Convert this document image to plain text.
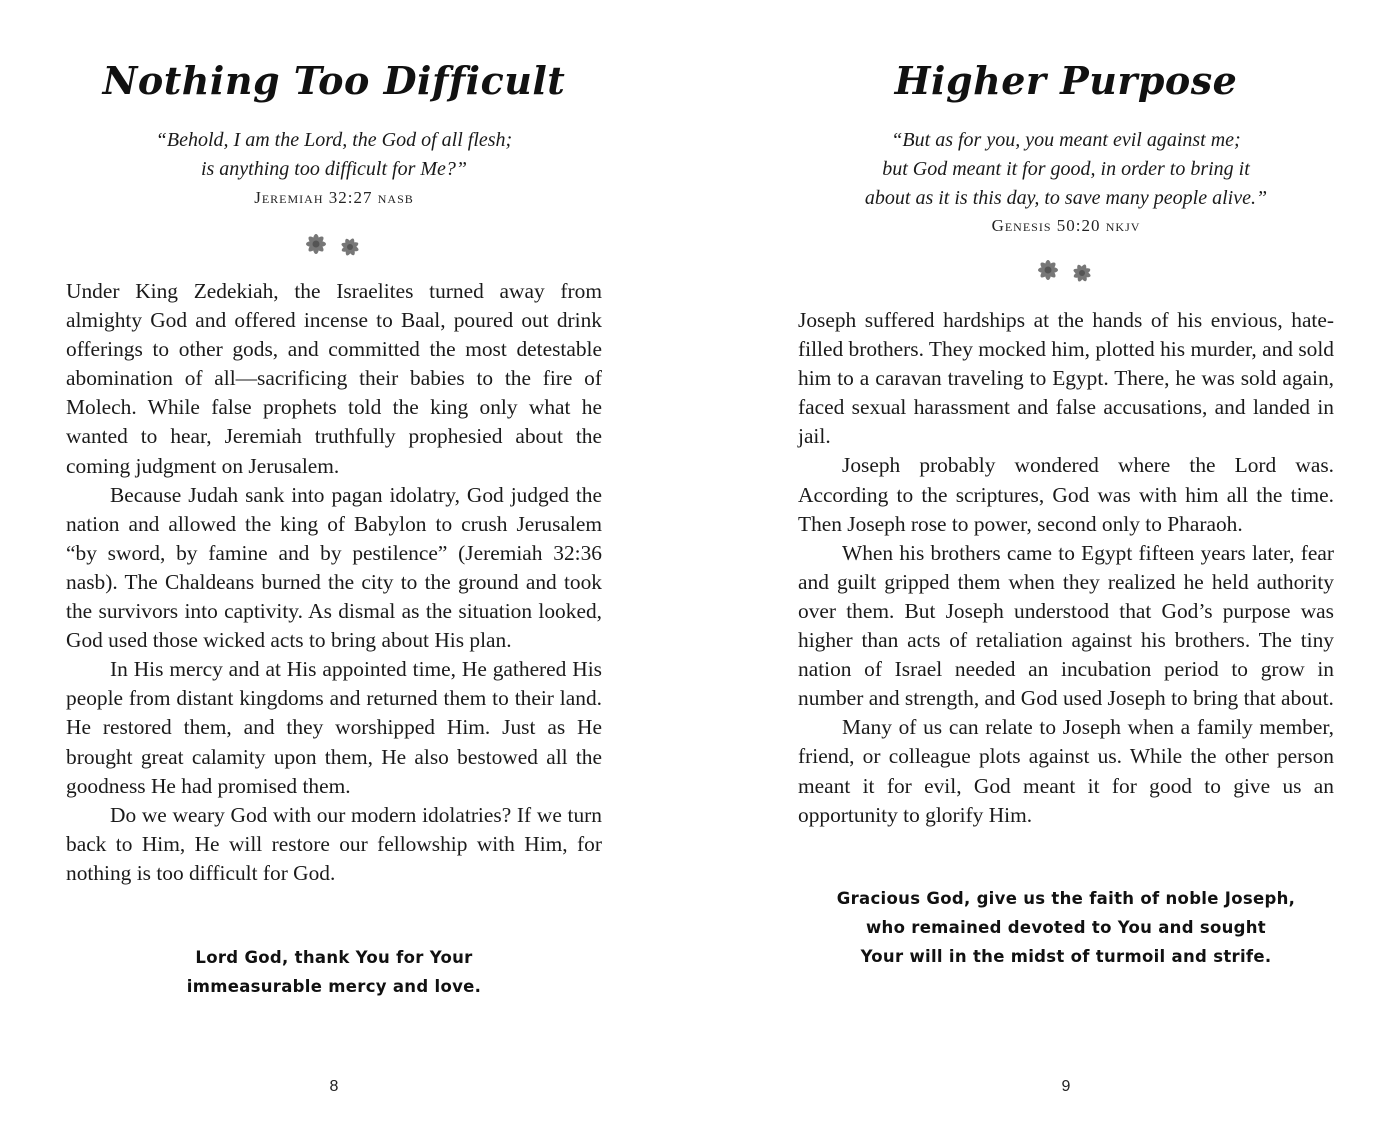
Nothing Too Difficult
“Behold, I am the Lord, the God of all flesh;
is anything too difficult for Me?”
Jeremiah 32:27 nasb

Under King Zedekiah, the Israelites turned away from almighty God and offered incense to Baal, poured out drink offerings to other gods, and committed the most detestable abomination of all—sacrificing their babies to the fire of Molech. While false prophets told the king only what he wanted to hear, Jeremiah truthfully prophesied about the coming judgment on Jerusalem.

Because Judah sank into pagan idolatry, God judged the nation and allowed the king of Babylon to crush Jerusalem “by sword, by famine and by pestilence” (Jeremiah 32:36 nasb). The Chaldeans burned the city to the ground and took the survivors into captivity. As dismal as the situation looked, God used those wicked acts to bring about His plan.

In His mercy and at His appointed time, He gathered His people from distant kingdoms and returned them to their land. He restored them, and they worshipped Him. Just as He brought great calamity upon them, He also bestowed all the goodness He had promised them.

Do we weary God with our modern idolatries? If we turn back to Him, He will restore our fellowship with Him, for nothing is too difficult for God.

Lord God, thank You for Your
immeasurable mercy and love.
8
Higher Purpose
“But as for you, you meant evil against me;
but God meant it for good, in order to bring it
about as it is this day, to save many people alive.”
Genesis 50:20 nkjv

Joseph suffered hardships at the hands of his envious, hate-filled brothers. They mocked him, plotted his murder, and sold him to a caravan traveling to Egypt. There, he was sold again, faced sexual harassment and false accusations, and landed in jail.

Joseph probably wondered where the Lord was. According to the scriptures, God was with him all the time. Then Joseph rose to power, second only to Pharaoh.

When his brothers came to Egypt fifteen years later, fear and guilt gripped them when they realized he held authority over them. But Joseph understood that God’s purpose was higher than acts of retaliation against his brothers. The tiny nation of Israel needed an incubation period to grow in number and strength, and God used Joseph to bring that about.

Many of us can relate to Joseph when a family member, friend, or colleague plots against us. While the other person meant it for evil, God meant it for good to give us an opportunity to glorify Him.

Gracious God, give us the faith of noble Joseph,
who remained devoted to You and sought
Your will in the midst of turmoil and strife.
9
